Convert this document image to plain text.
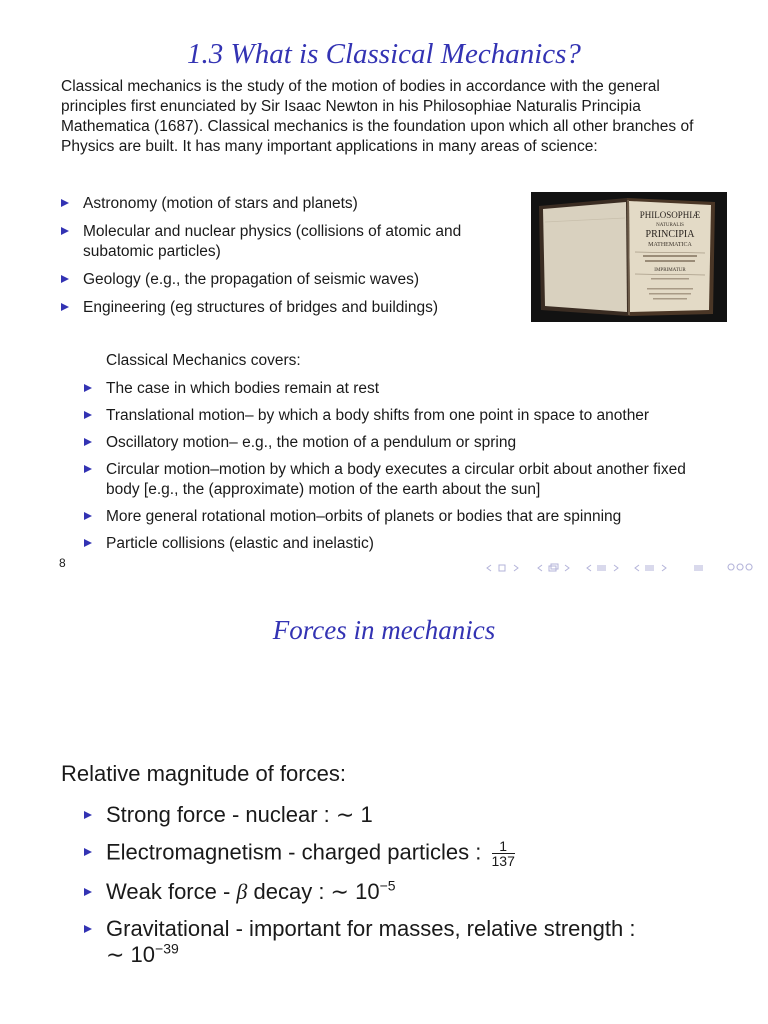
1.3 What is Classical Mechanics?
Classical mechanics is the study of the motion of bodies in accordance with the general principles first enunciated by Sir Isaac Newton in his Philosophiae Naturalis Principia Mathematica (1687). Classical mechanics is the foundation upon which all other branches of Physics are built. It has many important applications in many areas of science:
Astronomy (motion of stars and planets)
Molecular and nuclear physics (collisions of atomic and subatomic particles)
Geology (e.g., the propagation of seismic waves)
Engineering (eg structures of bridges and buildings)
PHILOSOPHIÆ
NATURALIS
PRINCIPIA
MATHEMATICA
IMPRIMATUR
Classical Mechanics covers:
The case in which bodies remain at rest
Translational motion– by which a body shifts from one point in space to another
Oscillatory motion– e.g., the motion of a pendulum or spring
Circular motion–motion by which a body executes a circular orbit about another fixed body [e.g., the (approximate) motion of the earth about the sun]
More general rotational motion–orbits of planets or bodies that are spinning
Particle collisions (elastic and inelastic)
8
Forces in mechanics
Relative magnitude of forces:
Strong force - nuclear : ∼ 1
Electromagnetism - charged particles : $\frac{1}{137}$
Weak force - β decay : ∼ $10^{-5}$
Gravitational - important for masses, relative strength :
∼ $10^{-39}$
